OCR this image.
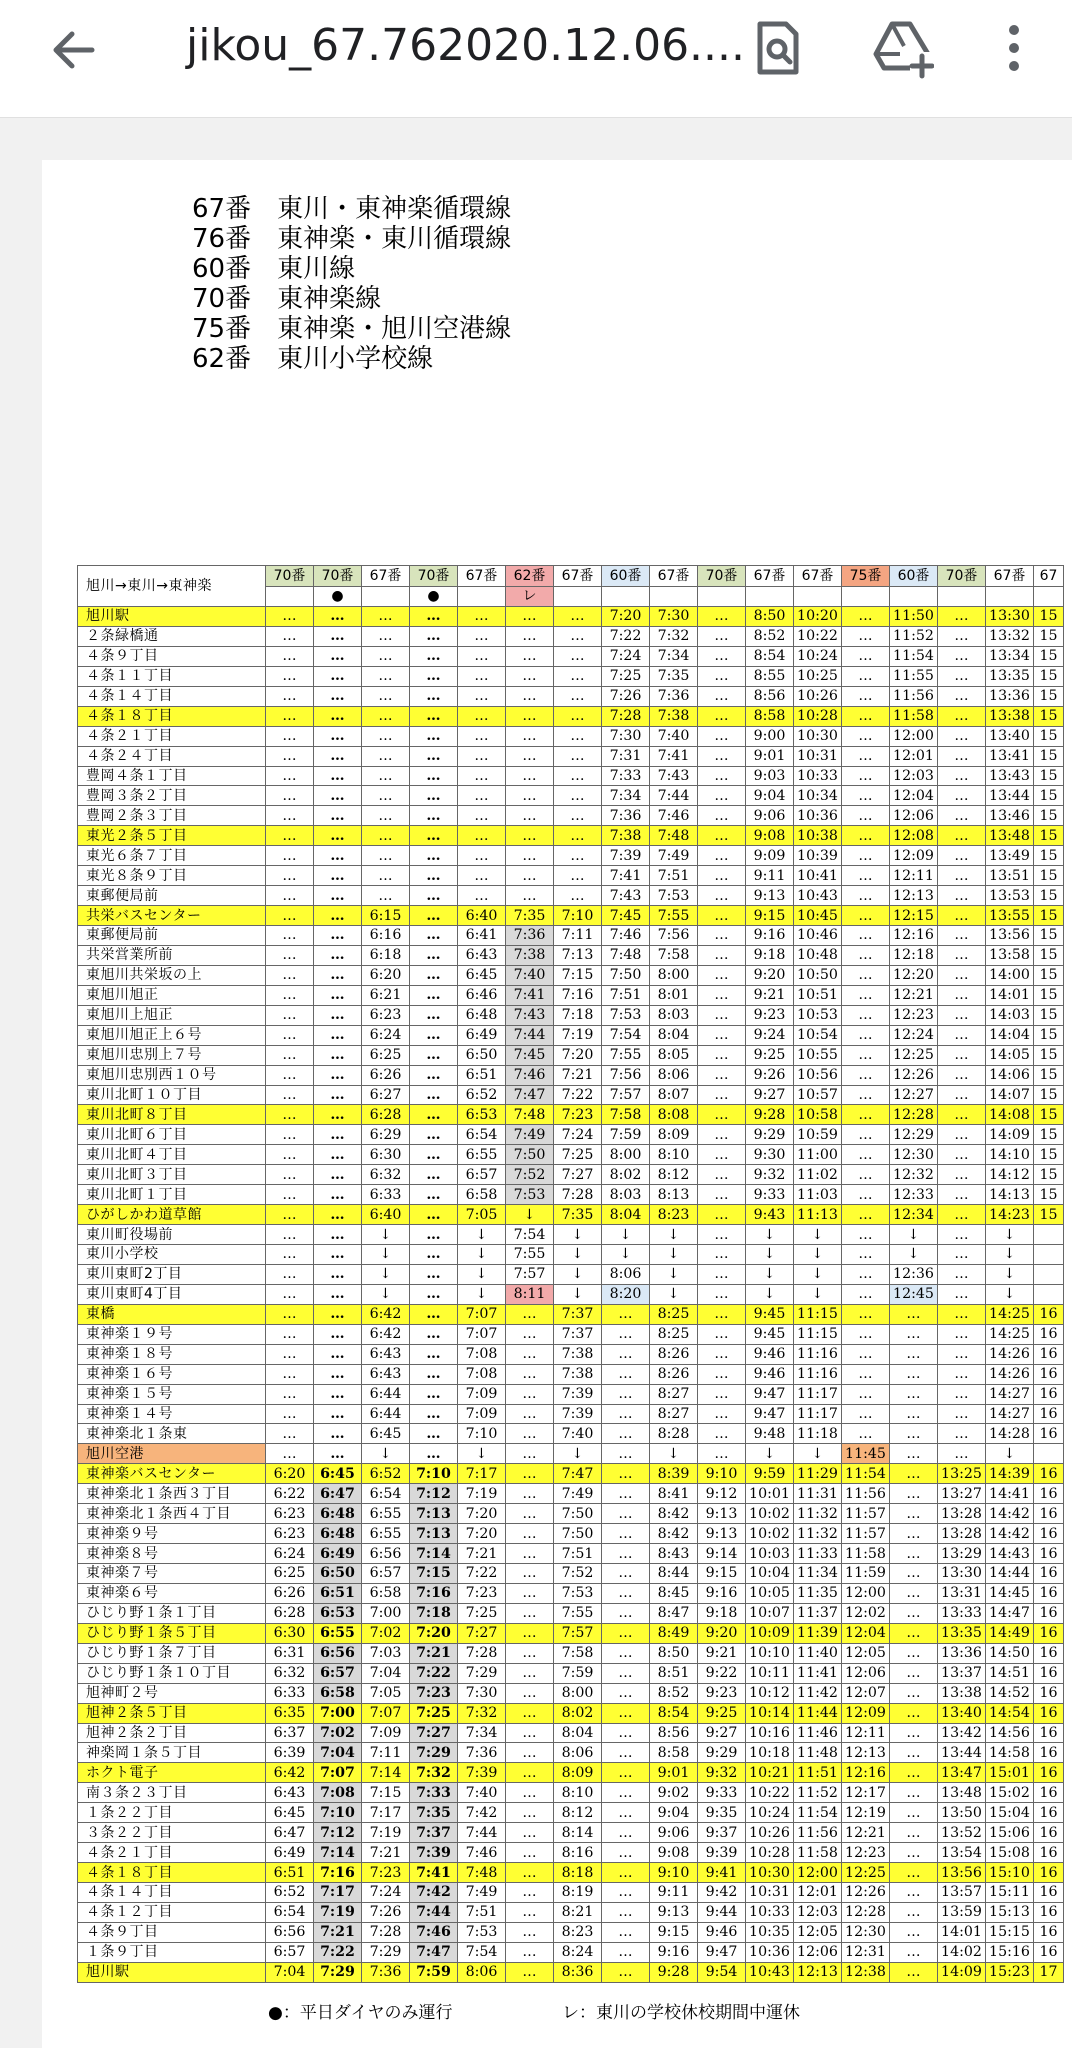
jikou_67.762020.12.06....
67番　東川・東神楽循環線
76番　東神楽・東川循環線
60番　東川線
70番　東神楽線
75番　東神楽・旭川空港線
62番　東川小学校線
旭川→東川→東神楽	70番	70番	67番	70番	67番	62番	67番	60番	67番	70番	67番	67番	75番	60番	70番	67番	67
		●		●		レ											
旭川駅	…	…	…	…	…	…	…	7:20	7:30	…	8:50	10:20	…	11:50	…	13:30	15
２条緑橋通	…	…	…	…	…	…	…	7:22	7:32	…	8:52	10:22	…	11:52	…	13:32	15
４条９丁目	…	…	…	…	…	…	…	7:24	7:34	…	8:54	10:24	…	11:54	…	13:34	15
４条１１丁目	…	…	…	…	…	…	…	7:25	7:35	…	8:55	10:25	…	11:55	…	13:35	15
４条１４丁目	…	…	…	…	…	…	…	7:26	7:36	…	8:56	10:26	…	11:56	…	13:36	15
４条１８丁目	…	…	…	…	…	…	…	7:28	7:38	…	8:58	10:28	…	11:58	…	13:38	15
４条２１丁目	…	…	…	…	…	…	…	7:30	7:40	…	9:00	10:30	…	12:00	…	13:40	15
４条２４丁目	…	…	…	…	…	…	…	7:31	7:41	…	9:01	10:31	…	12:01	…	13:41	15
豊岡４条１丁目	…	…	…	…	…	…	…	7:33	7:43	…	9:03	10:33	…	12:03	…	13:43	15
豊岡３条２丁目	…	…	…	…	…	…	…	7:34	7:44	…	9:04	10:34	…	12:04	…	13:44	15
豊岡２条３丁目	…	…	…	…	…	…	…	7:36	7:46	…	9:06	10:36	…	12:06	…	13:46	15
東光２条５丁目	…	…	…	…	…	…	…	7:38	7:48	…	9:08	10:38	…	12:08	…	13:48	15
東光６条７丁目	…	…	…	…	…	…	…	7:39	7:49	…	9:09	10:39	…	12:09	…	13:49	15
東光８条９丁目	…	…	…	…	…	…	…	7:41	7:51	…	9:11	10:41	…	12:11	…	13:51	15
東郵便局前	…	…	…	…	…	…	…	7:43	7:53	…	9:13	10:43	…	12:13	…	13:53	15
共栄バスセンター	…	…	6:15	…	6:40	7:35	7:10	7:45	7:55	…	9:15	10:45	…	12:15	…	13:55	15
東郵便局前	…	…	6:16	…	6:41	7:36	7:11	7:46	7:56	…	9:16	10:46	…	12:16	…	13:56	15
共栄営業所前	…	…	6:18	…	6:43	7:38	7:13	7:48	7:58	…	9:18	10:48	…	12:18	…	13:58	15
東旭川共栄坂の上	…	…	6:20	…	6:45	7:40	7:15	7:50	8:00	…	9:20	10:50	…	12:20	…	14:00	15
東旭川旭正	…	…	6:21	…	6:46	7:41	7:16	7:51	8:01	…	9:21	10:51	…	12:21	…	14:01	15
東旭川上旭正	…	…	6:23	…	6:48	7:43	7:18	7:53	8:03	…	9:23	10:53	…	12:23	…	14:03	15
東旭川旭正上６号	…	…	6:24	…	6:49	7:44	7:19	7:54	8:04	…	9:24	10:54	…	12:24	…	14:04	15
東旭川忠別上７号	…	…	6:25	…	6:50	7:45	7:20	7:55	8:05	…	9:25	10:55	…	12:25	…	14:05	15
東旭川忠別西１０号	…	…	6:26	…	6:51	7:46	7:21	7:56	8:06	…	9:26	10:56	…	12:26	…	14:06	15
東川北町１０丁目	…	…	6:27	…	6:52	7:47	7:22	7:57	8:07	…	9:27	10:57	…	12:27	…	14:07	15
東川北町８丁目	…	…	6:28	…	6:53	7:48	7:23	7:58	8:08	…	9:28	10:58	…	12:28	…	14:08	15
東川北町６丁目	…	…	6:29	…	6:54	7:49	7:24	7:59	8:09	…	9:29	10:59	…	12:29	…	14:09	15
東川北町４丁目	…	…	6:30	…	6:55	7:50	7:25	8:00	8:10	…	9:30	11:00	…	12:30	…	14:10	15
東川北町３丁目	…	…	6:32	…	6:57	7:52	7:27	8:02	8:12	…	9:32	11:02	…	12:32	…	14:12	15
東川北町１丁目	…	…	6:33	…	6:58	7:53	7:28	8:03	8:13	…	9:33	11:03	…	12:33	…	14:13	15
ひがしかわ道草館	…	…	6:40	…	7:05	↓	7:35	8:04	8:23	…	9:43	11:13	…	12:34	…	14:23	15
東川町役場前	…	…	↓	…	↓	7:54	↓	↓	↓	…	↓	↓	…	↓	…	↓	
東川小学校	…	…	↓	…	↓	7:55	↓	↓	↓	…	↓	↓	…	↓	…	↓	
東川東町2丁目	…	…	↓	…	↓	7:57	↓	8:06	↓	…	↓	↓	…	12:36	…	↓	
東川東町4丁目	…	…	↓	…	↓	8:11	↓	8:20	↓	…	↓	↓	…	12:45	…	↓	
東橋	…	…	6:42	…	7:07	…	7:37	…	8:25	…	9:45	11:15	…	…	…	14:25	16
東神楽１９号	…	…	6:42	…	7:07	…	7:37	…	8:25	…	9:45	11:15	…	…	…	14:25	16
東神楽１８号	…	…	6:43	…	7:08	…	7:38	…	8:26	…	9:46	11:16	…	…	…	14:26	16
東神楽１６号	…	…	6:43	…	7:08	…	7:38	…	8:26	…	9:46	11:16	…	…	…	14:26	16
東神楽１５号	…	…	6:44	…	7:09	…	7:39	…	8:27	…	9:47	11:17	…	…	…	14:27	16
東神楽１４号	…	…	6:44	…	7:09	…	7:39	…	8:27	…	9:47	11:17	…	…	…	14:27	16
東神楽北１条東	…	…	6:45	…	7:10	…	7:40	…	8:28	…	9:48	11:18	…	…	…	14:28	16
旭川空港	…	…	↓	…	↓	…	↓	…	↓	…	↓	↓	11:45	…	…	↓	
東神楽バスセンター	6:20	6:45	6:52	7:10	7:17	…	7:47	…	8:39	9:10	9:59	11:29	11:54	…	13:25	14:39	16
東神楽北１条西３丁目	6:22	6:47	6:54	7:12	7:19	…	7:49	…	8:41	9:12	10:01	11:31	11:56	…	13:27	14:41	16
東神楽北１条西４丁目	6:23	6:48	6:55	7:13	7:20	…	7:50	…	8:42	9:13	10:02	11:32	11:57	…	13:28	14:42	16
東神楽９号	6:23	6:48	6:55	7:13	7:20	…	7:50	…	8:42	9:13	10:02	11:32	11:57	…	13:28	14:42	16
東神楽８号	6:24	6:49	6:56	7:14	7:21	…	7:51	…	8:43	9:14	10:03	11:33	11:58	…	13:29	14:43	16
東神楽７号	6:25	6:50	6:57	7:15	7:22	…	7:52	…	8:44	9:15	10:04	11:34	11:59	…	13:30	14:44	16
東神楽６号	6:26	6:51	6:58	7:16	7:23	…	7:53	…	8:45	9:16	10:05	11:35	12:00	…	13:31	14:45	16
ひじり野１条１丁目	6:28	6:53	7:00	7:18	7:25	…	7:55	…	8:47	9:18	10:07	11:37	12:02	…	13:33	14:47	16
ひじり野１条５丁目	6:30	6:55	7:02	7:20	7:27	…	7:57	…	8:49	9:20	10:09	11:39	12:04	…	13:35	14:49	16
ひじり野１条７丁目	6:31	6:56	7:03	7:21	7:28	…	7:58	…	8:50	9:21	10:10	11:40	12:05	…	13:36	14:50	16
ひじり野１条１０丁目	6:32	6:57	7:04	7:22	7:29	…	7:59	…	8:51	9:22	10:11	11:41	12:06	…	13:37	14:51	16
旭神町２号	6:33	6:58	7:05	7:23	7:30	…	8:00	…	8:52	9:23	10:12	11:42	12:07	…	13:38	14:52	16
旭神２条５丁目	6:35	7:00	7:07	7:25	7:32	…	8:02	…	8:54	9:25	10:14	11:44	12:09	…	13:40	14:54	16
旭神２条２丁目	6:37	7:02	7:09	7:27	7:34	…	8:04	…	8:56	9:27	10:16	11:46	12:11	…	13:42	14:56	16
神楽岡１条５丁目	6:39	7:04	7:11	7:29	7:36	…	8:06	…	8:58	9:29	10:18	11:48	12:13	…	13:44	14:58	16
ホクト電子	6:42	7:07	7:14	7:32	7:39	…	8:09	…	9:01	9:32	10:21	11:51	12:16	…	13:47	15:01	16
南３条２３丁目	6:43	7:08	7:15	7:33	7:40	…	8:10	…	9:02	9:33	10:22	11:52	12:17	…	13:48	15:02	16
１条２２丁目	6:45	7:10	7:17	7:35	7:42	…	8:12	…	9:04	9:35	10:24	11:54	12:19	…	13:50	15:04	16
３条２２丁目	6:47	7:12	7:19	7:37	7:44	…	8:14	…	9:06	9:37	10:26	11:56	12:21	…	13:52	15:06	16
４条２１丁目	6:49	7:14	7:21	7:39	7:46	…	8:16	…	9:08	9:39	10:28	11:58	12:23	…	13:54	15:08	16
４条１８丁目	6:51	7:16	7:23	7:41	7:48	…	8:18	…	9:10	9:41	10:30	12:00	12:25	…	13:56	15:10	16
４条１４丁目	6:52	7:17	7:24	7:42	7:49	…	8:19	…	9:11	9:42	10:31	12:01	12:26	…	13:57	15:11	16
４条１２丁目	6:54	7:19	7:26	7:44	7:51	…	8:21	…	9:13	9:44	10:33	12:03	12:28	…	13:59	15:13	16
４条９丁目	6:56	7:21	7:28	7:46	7:53	…	8:23	…	9:15	9:46	10:35	12:05	12:30	…	14:01	15:15	16
１条９丁目	6:57	7:22	7:29	7:47	7:54	…	8:24	…	9:16	9:47	10:36	12:06	12:31	…	14:02	15:16	16
旭川駅	7:04	7:29	7:36	7:59	8:06	…	8:36	…	9:28	9:54	10:43	12:13	12:38	…	14:09	15:23	17
●：平日ダイヤのみ運行	レ：東川の学校休校期間中運休
